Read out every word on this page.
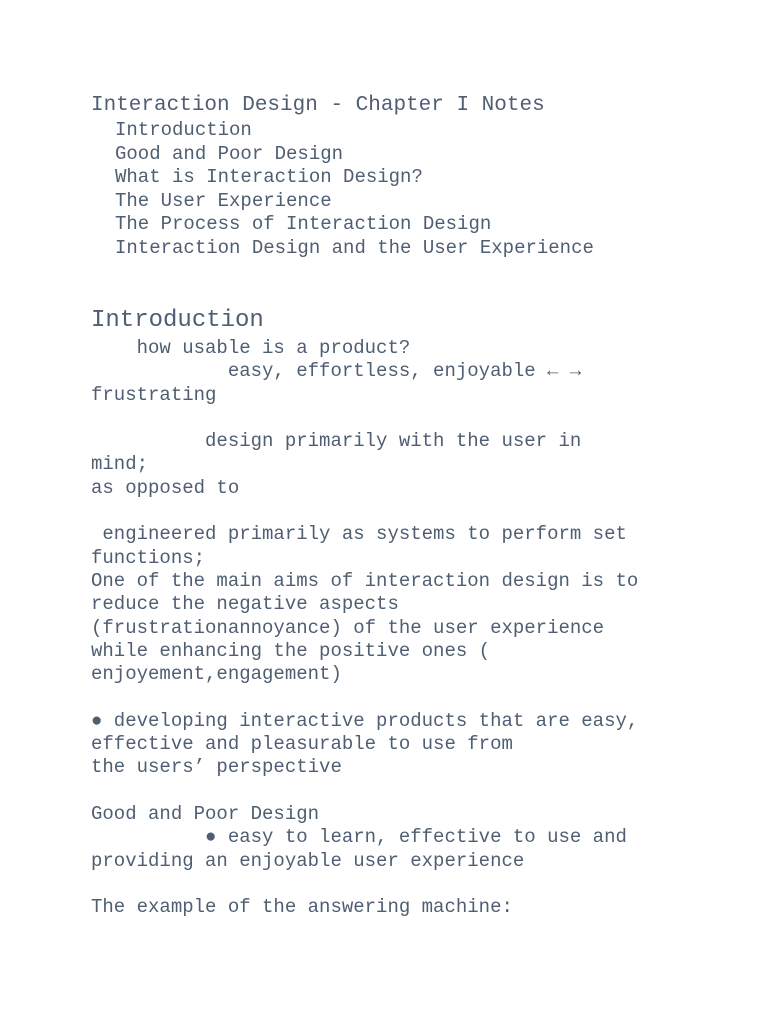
Interaction Design - Chapter I Notes
Introduction
Good and Poor Design
What is Interaction Design?
The User Experience
The Process of Interaction Design
Interaction Design and the User Experience
Introduction
how usable is a product?
easy, effortless, enjoyable ← →
frustrating
design primarily with the user in
mind;
as opposed to
engineered primarily as systems to perform set
functions;
One of the main aims of interaction design is to
reduce the negative aspects
(frustrationannoyance) of the user experience
while enhancing the positive ones (
enjoyement,engagement)
● developing interactive products that are easy,
effective and pleasurable to use from
the users’ perspective
Good and Poor Design
● easy to learn, effective to use and
providing an enjoyable user experience
The example of the answering machine:
